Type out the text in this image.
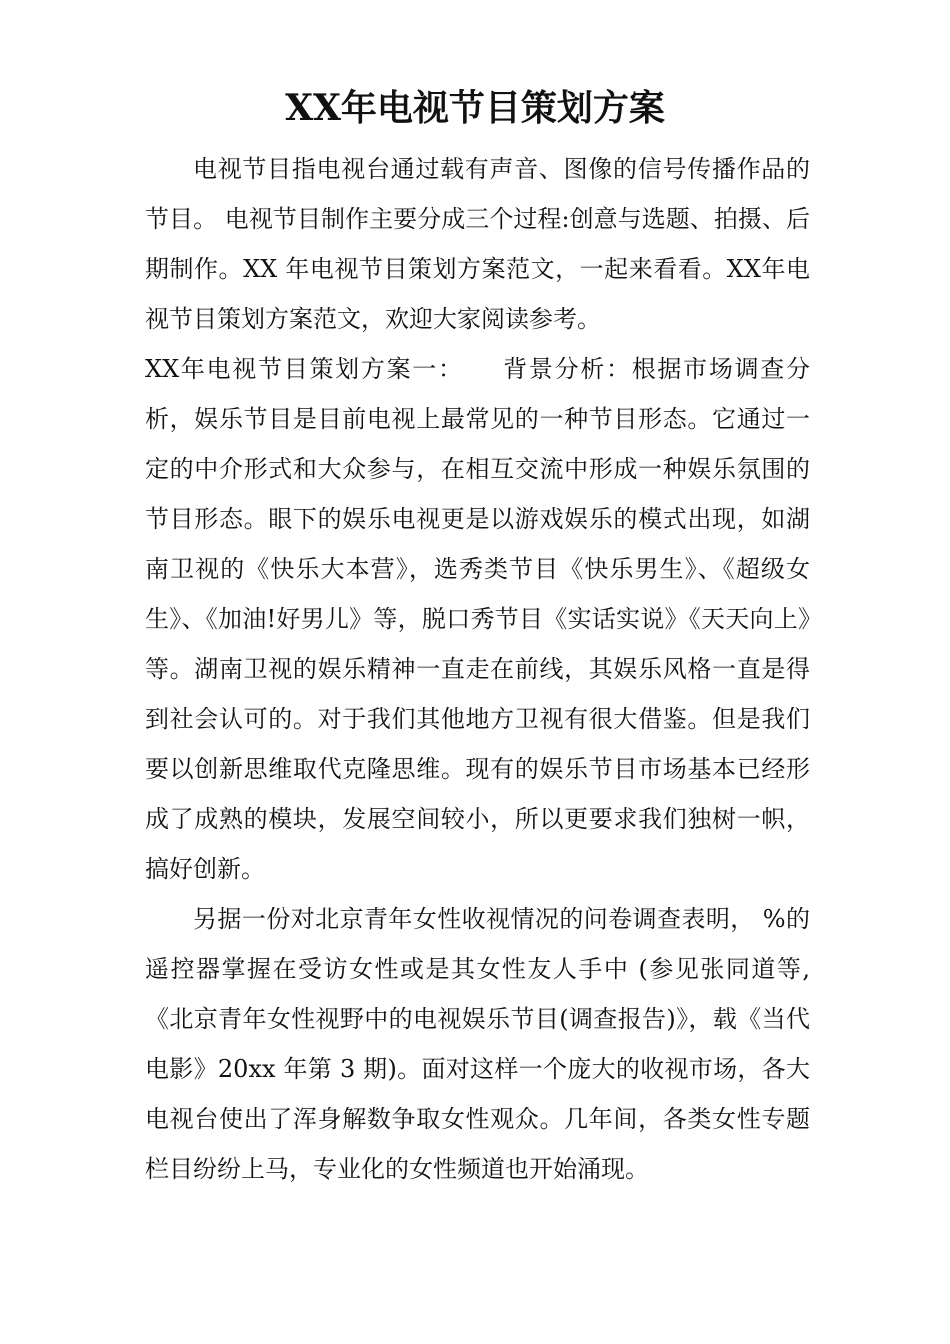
XX年电视节目策划方案

电视节目指电视台通过载有声音、图像的信号传播作品的节目。 电视节目制作主要分成三个过程:创意与选题、拍摄、后期制作。XX 年电视节目策划方案范文，一起来看看。XX年电视节目策划方案范文，欢迎大家阅读参考。

XX年电视节目策划方案一：　　背景分析：根据市场调查分析，娱乐节目是目前电视上最常见的一种节目形态。它通过一定的中介形式和大众参与，在相互交流中形成一种娱乐氛围的节目形态。眼下的娱乐电视更是以游戏娱乐的模式出现，如湖南卫视的《快乐大本营》，选秀类节目《快乐男生》、《超级女生》、《加油!好男儿》等，脱口秀节目《实话实说》《天天向上》等。湖南卫视的娱乐精神一直走在前线，其娱乐风格一直是得到社会认可的。对于我们其他地方卫视有很大借鉴。但是我们要以创新思维取代克隆思维。现有的娱乐节目市场基本已经形成了成熟的模块，发展空间较小，所以更要求我们独树一帜，搞好创新。

另据一份对北京青年女性收视情况的问卷调查表明， %的遥控器掌握在受访女性或是其女性友人手中 (参见张同道等,《北京青年女性视野中的电视娱乐节目(调查报告)》，载《当代电影》20xx 年第 3 期)。面对这样一个庞大的收视市场，各大电视台使出了浑身解数争取女性观众。几年间，各类女性专题栏目纷纷上马，专业化的女性频道也开始涌现。
